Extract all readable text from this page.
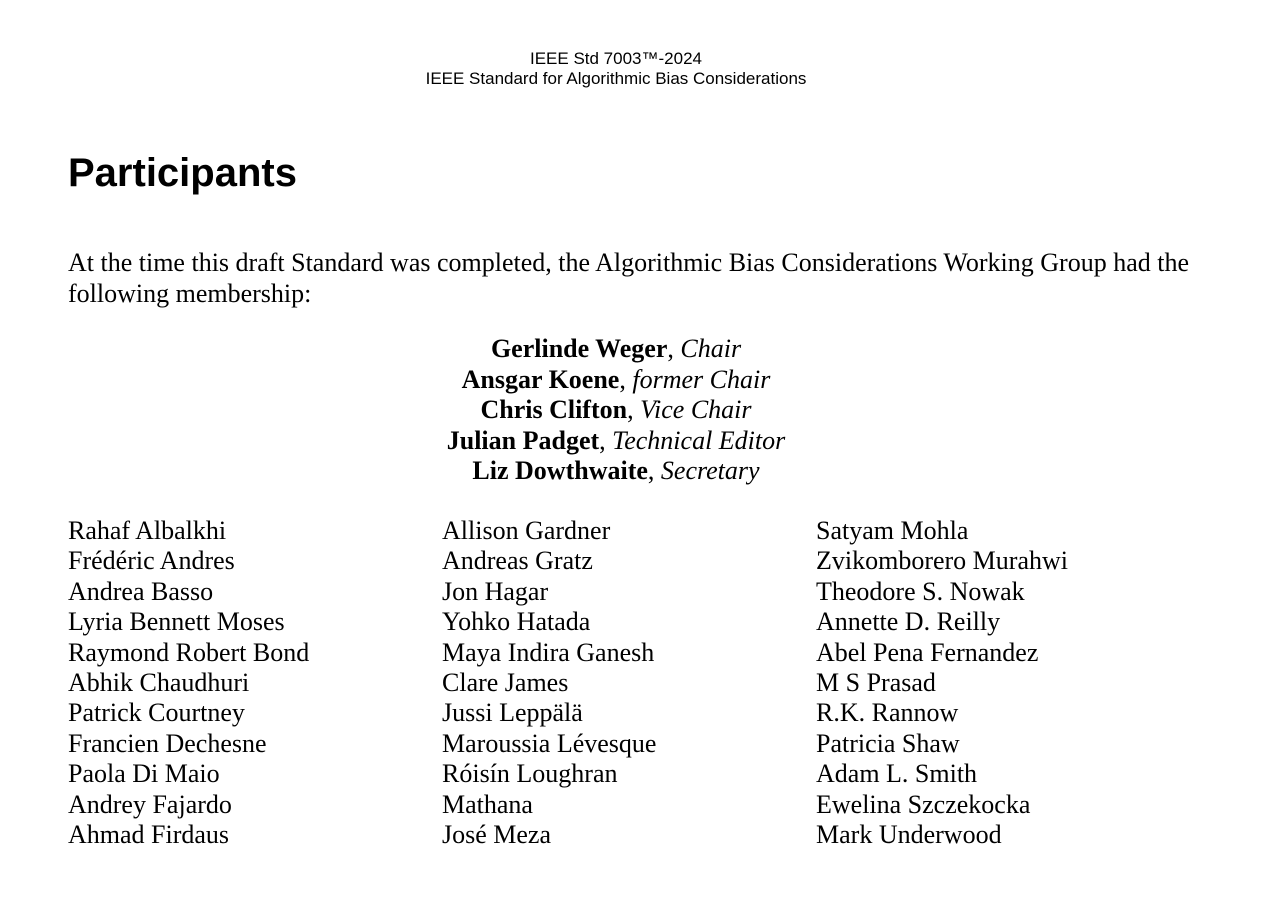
IEEE Std 7003™-2024
IEEE Standard for Algorithmic Bias Considerations
Participants

At the time this draft Standard was completed, the Algorithmic Bias Considerations Working Group had the following membership:

Gerlinde Weger, Chair
Ansgar Koene, former Chair
Chris Clifton, Vice Chair
Julian Padget, Technical Editor
Liz Dowthwaite, Secretary
Rahaf Albalkhi
Frédéric Andres
Andrea Basso
Lyria Bennett Moses
Raymond Robert Bond
Abhik Chaudhuri
Patrick Courtney
Francien Dechesne
Paola Di Maio
Andrey Fajardo
Ahmad Firdaus
Allison Gardner
Andreas Gratz
Jon Hagar
Yohko Hatada
Maya Indira Ganesh
Clare James
Jussi Leppälä
Maroussia Lévesque
Róisín Loughran
Mathana
José Meza
Satyam Mohla
Zvikomborero Murahwi
Theodore S. Nowak
Annette D. Reilly
Abel Pena Fernandez
M S Prasad
R.K. Rannow
Patricia Shaw
Adam L. Smith
Ewelina Szczekocka
Mark Underwood
